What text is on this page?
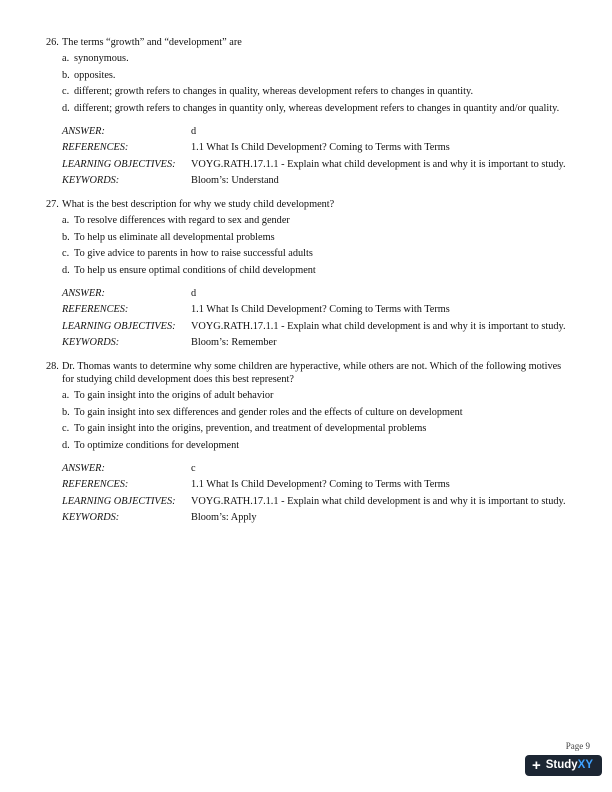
26. The terms “growth” and “development” are
a. synonymous.
b. opposites.
c. different; growth refers to changes in quality, whereas development refers to changes in quantity.
d. different; growth refers to changes in quantity only, whereas development refers to changes in quantity and/or quality.
ANSWER:	d
REFERENCES:	1.1 What Is Child Development? Coming to Terms with Terms
LEARNING OBJECTIVES:	VOYG.RATH.17.1.1 - Explain what child development is and why it is important to study.
KEYWORDS:	Bloom’s: Understand
27. What is the best description for why we study child development?
a. To resolve differences with regard to sex and gender
b. To help us eliminate all developmental problems
c. To give advice to parents in how to raise successful adults
d. To help us ensure optimal conditions of child development
ANSWER:	d
REFERENCES:	1.1 What Is Child Development? Coming to Terms with Terms
LEARNING OBJECTIVES:	VOYG.RATH.17.1.1 - Explain what child development is and why it is important to study.
KEYWORDS:	Bloom’s: Remember
28. Dr. Thomas wants to determine why some children are hyperactive, while others are not. Which of the following motives for studying child development does this best represent?
a. To gain insight into the origins of adult behavior
b. To gain insight into sex differences and gender roles and the effects of culture on development
c. To gain insight into the origins, prevention, and treatment of developmental problems
d. To optimize conditions for development
ANSWER:	c
REFERENCES:	1.1 What Is Child Development? Coming to Terms with Terms
LEARNING OBJECTIVES:	VOYG.RATH.17.1.1 - Explain what child development is and why it is important to study.
KEYWORDS:	Bloom’s: Apply
Page 9
+ StudyXY
